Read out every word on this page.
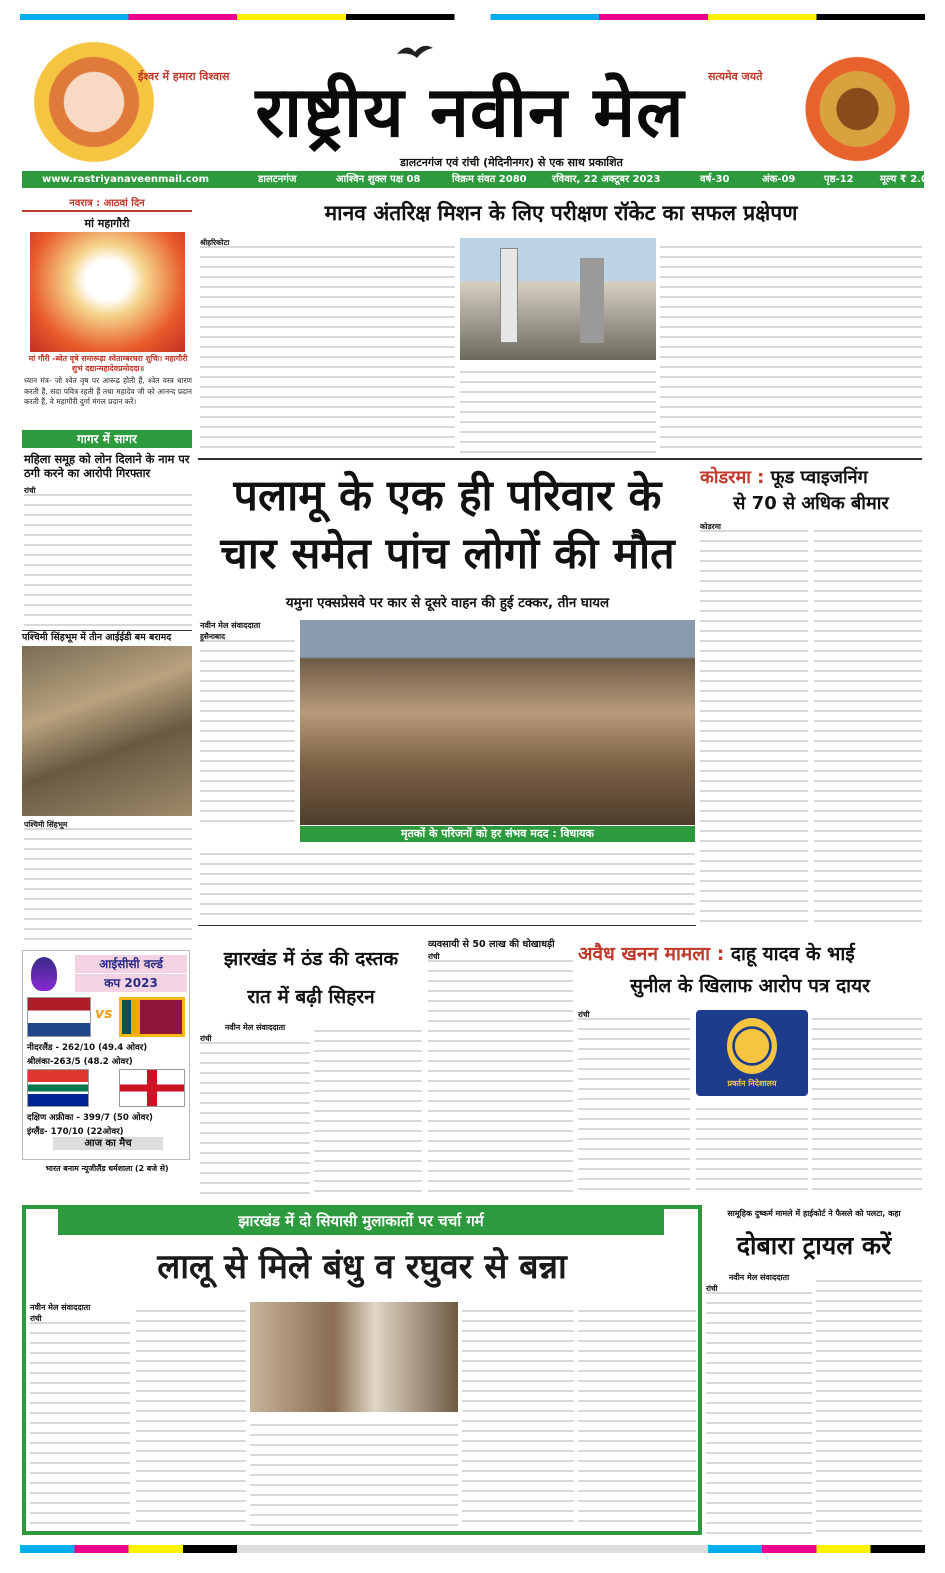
ईश्वर में हमारा विश्वास राष्ट्रीय नवीन मेल	सत्यमेव जयते
डालटनगंज एवं रांची (मेदिनीनगर) से एक साथ प्रकाशित
www.rastriyanaveenmail.com	डालटनगंज	आश्विन शुक्ल पक्ष 08	विक्रम संवत 2080	रविवार, 22 अक्टूबर 2023	वर्ष-30	अंक-09	पृष्ठ-12	मूल्य ₹ 2.00
नवरात्र : आठवां दिन
मां महागौरी
मां गौरी -ब्वेत वृषे समारूढ़ा श्वेताम्बरधरा शुचिः। महागौरी शुभं दद्यान्महादेवप्रमोददा॥
ध्यान मंत्र- जो श्वेत वृष पर आरूढ़ होती हैं, श्वेत वस्त्र धारण करती हैं, सदा पवित्र रहती हैं तथा महादेव जी को आनन्द प्रदान करती हैं, वे महागौरी दुर्गा मंगल प्रदान करें।
गागर में सागर
महिला समूह को लोन दिलाने के नाम पर ठगी करने का आरोपी गिरफ्तार
रांची
पश्चिमी सिंहभूम में तीन आईईडी बम बरामद
पश्चिमी सिंहभूम
आईसीसी वर्ल्ड
कप 2023
vs
नीदरलैंड - 262/10 (49.4 ओवर)
श्रीलंका-263/5 (48.2 ओवर)
दक्षिण अफ्रीका - 399/7 (50 ओवर)
इंग्लैंड- 170/10 (22ओवर)
आज का मैच
भारत बनाम न्यूजीलैंड धर्मशाला (2 बजे से)
मानव अंतरिक्ष मिशन के लिए परीक्षण रॉकेट का सफल प्रक्षेपण
श्रीहरिकोटा
पलामू के एक ही परिवार के
चार समेत पांच लोगों की मौत
यमुना एक्सप्रेसवे पर कार से दूसरे वाहन की हुई टक्कर, तीन घायल
नवीन मेल संवाददाता
हुसैनाबाद
मृतकों के परिजनों को हर संभव मदद : विधायक
कोडरमा : फूड प्वाइजनिंग
से 70 से अधिक बीमार
कोडरमा
झारखंड में ठंड की दस्तक
रात में बढ़ी सिहरन
नवीन मेल संवाददाता
रांची
व्यवसायी से 50 लाख की धोखाधड़ी
रांची	अवैध खनन मामला : दाहू यादव के भाई
सुनील के खिलाफ आरोप पत्र दायर
रांची
प्रवर्तन निदेशालय
झारखंड में दो सियासी मुलाकातों पर चर्चा गर्म
लालू से मिले बंधु व रघुवर से बन्ना
नवीन मेल संवाददाता
रांची
सामूहिक दुष्कर्म मामले में हाईकोर्ट ने फैसले को पलटा, कहा
दोबारा ट्रायल करें
नवीन मेल संवाददाता
रांची
